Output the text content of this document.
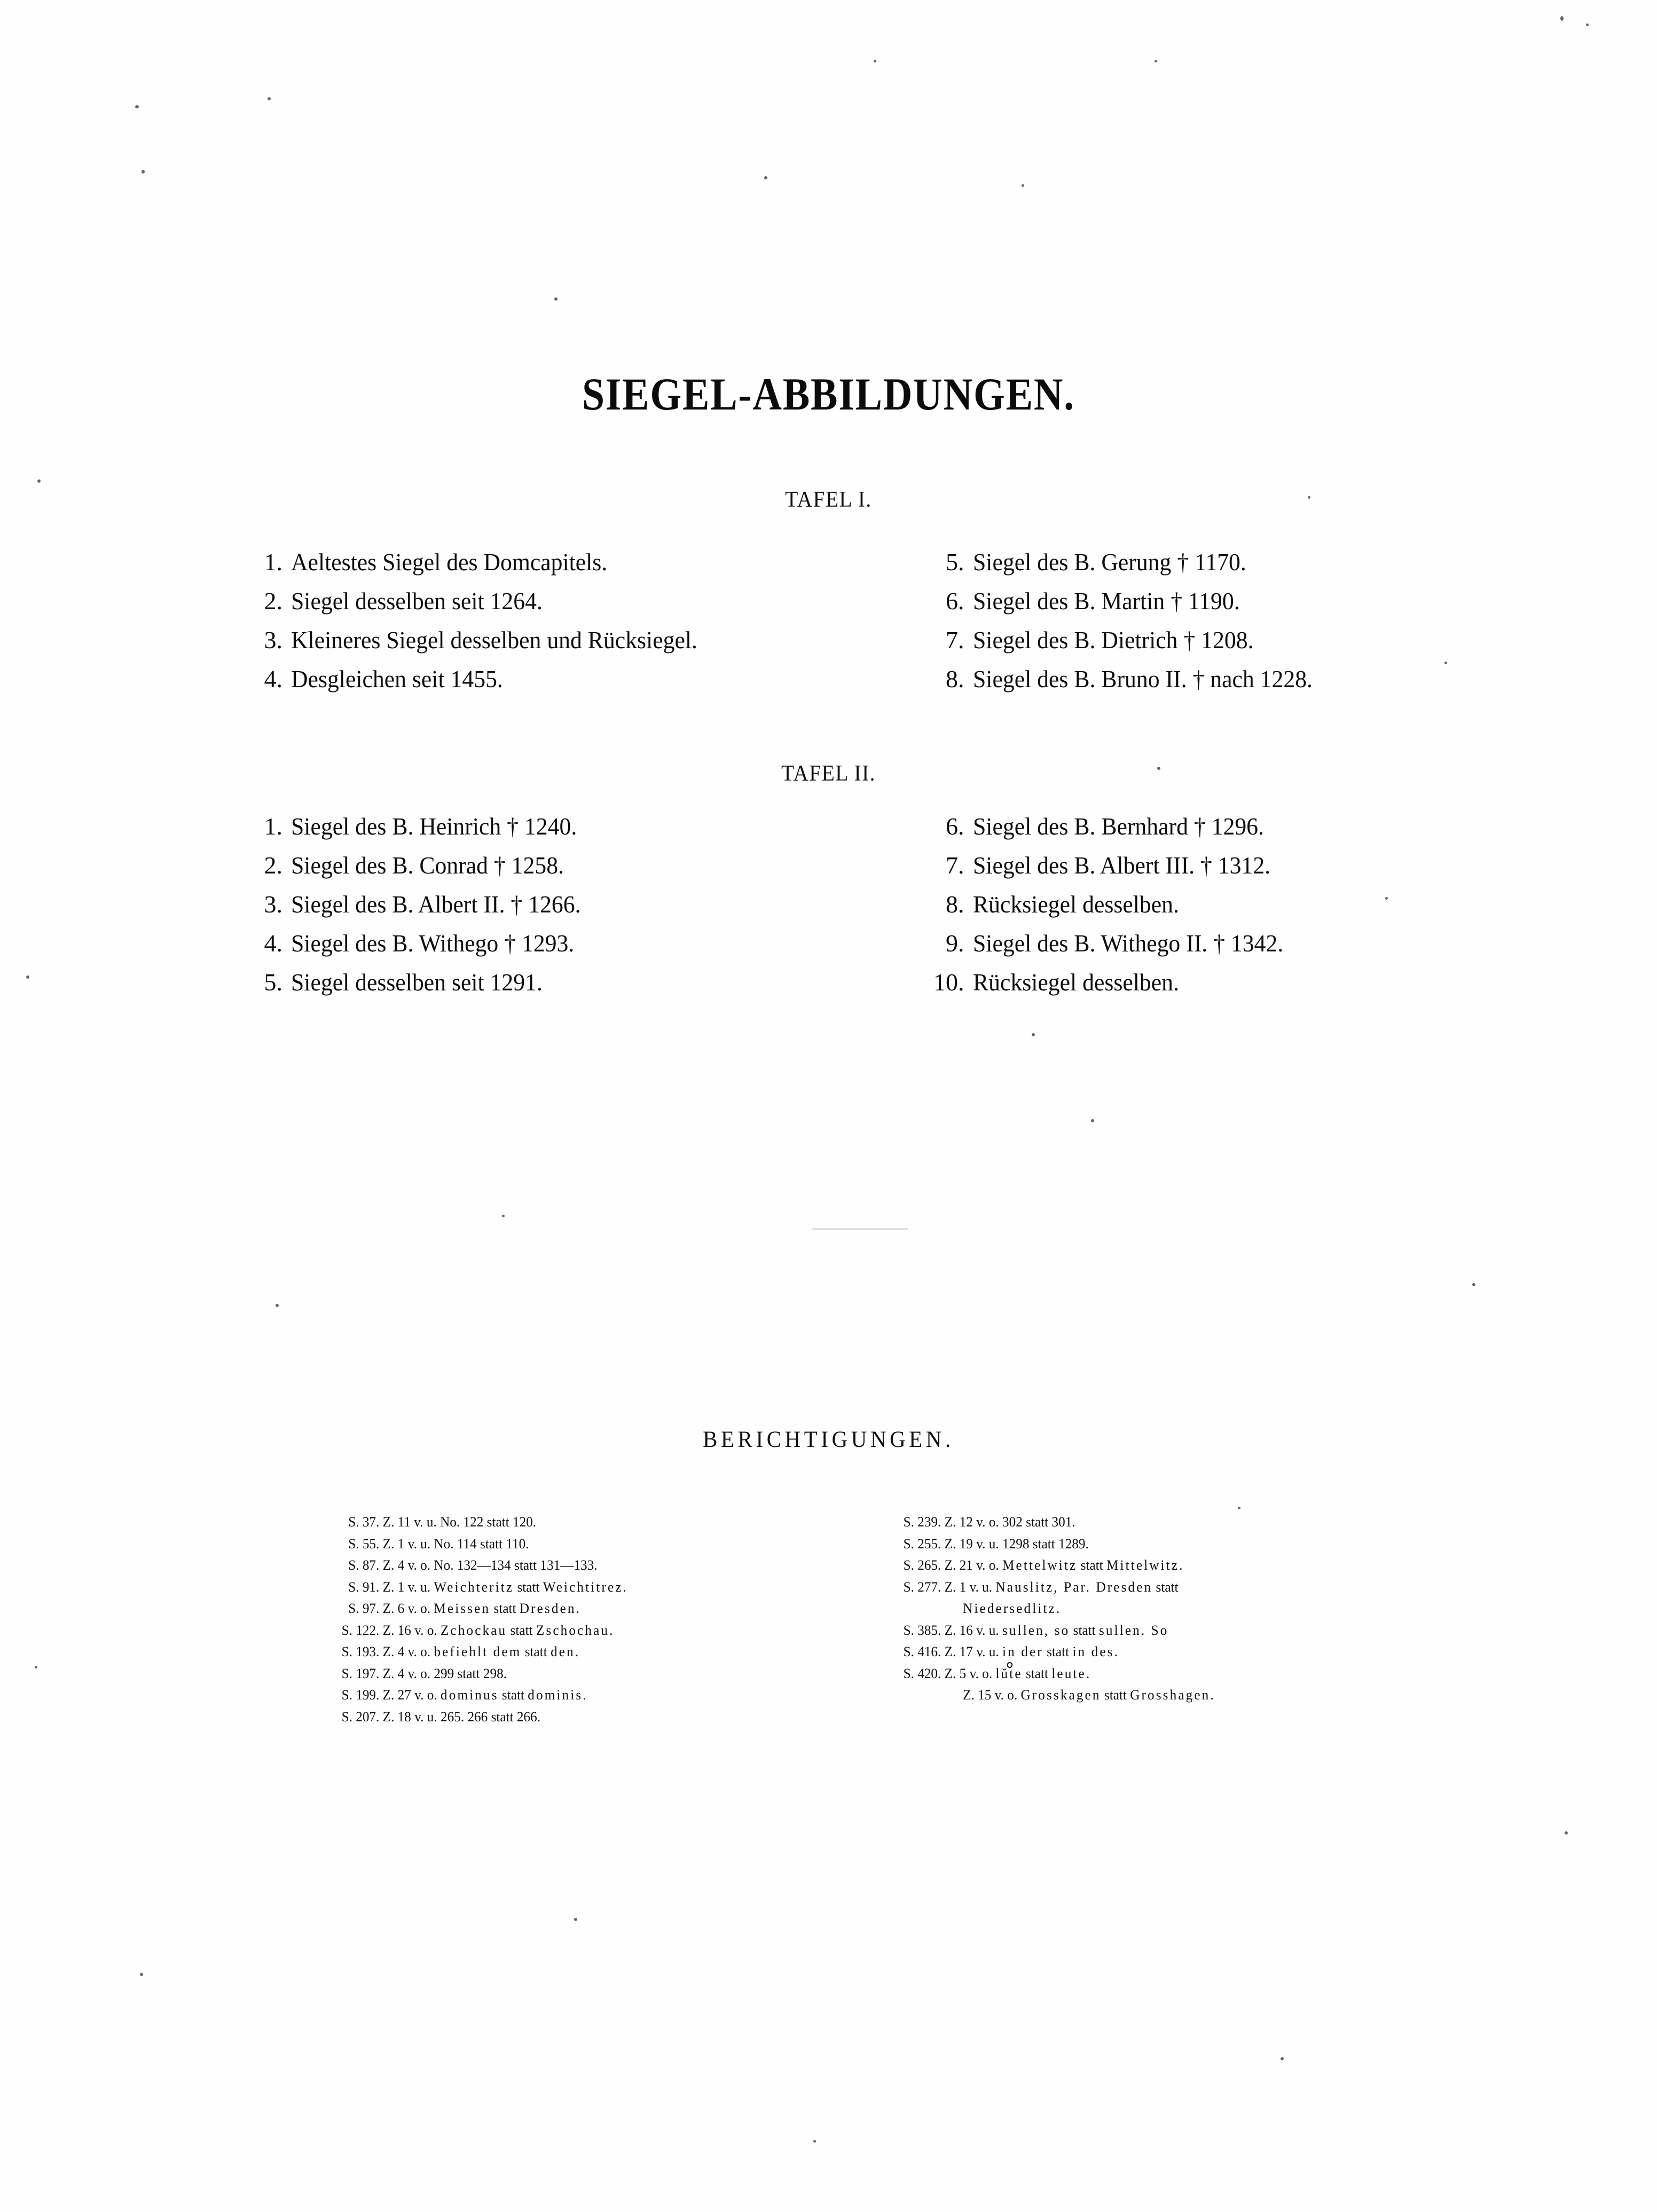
SIEGEL-ABBILDUNGEN.
TAFEL I.
1. Aeltestes Siegel des Domcapitels.
2. Siegel desselben seit 1264.
3. Kleineres Siegel desselben und Rücksiegel.
4. Desgleichen seit 1455.
5. Siegel des B. Gerung † 1170.
6. Siegel des B. Martin † 1190.
7. Siegel des B. Dietrich † 1208.
8. Siegel des B. Bruno II. † nach 1228.
TAFEL II.
1. Siegel des B. Heinrich † 1240.
2. Siegel des B. Conrad † 1258.
3. Siegel des B. Albert II. † 1266.
4. Siegel des B. Withego † 1293.
5. Siegel desselben seit 1291.
6. Siegel des B. Bernhard † 1296.
7. Siegel des B. Albert III. † 1312.
8. Rücksiegel desselben.
9. Siegel des B. Withego II. † 1342.
10. Rücksiegel desselben.
BERICHTIGUNGEN.
S. 37. Z. 11 v. u. No. 122 statt 120.
S. 55. Z. 1 v. u. No. 114 statt 110.
S. 87. Z. 4 v. o. No. 132—134 statt 131—133.
S. 91. Z. 1 v. u. Weichteritz statt Weichtitrez.
S. 97. Z. 6 v. o. Meissen statt Dresden.
S. 122. Z. 16 v. o. Zchockau statt Zschochau.
S. 193. Z. 4 v. o. befiehlt dem statt den.
S. 197. Z. 4 v. o. 299 statt 298.
S. 199. Z. 27 v. o. dominus statt dominis.
S. 207. Z. 18 v. u. 265. 266 statt 266.
S. 239. Z. 12 v. o. 302 statt 301.
S. 255. Z. 19 v. u. 1298 statt 1289.
S. 265. Z. 21 v. o. Mettelwitz statt Mittelwitz.
S. 277. Z. 1 v. u. Nauslitz, Par. Dresden statt
Niedersedlitz.
S. 385. Z. 16 v. u. sullen, so statt sullen. So
S. 416. Z. 17 v. u. in der statt in des.
S. 420. Z. 5 v. o. lŭte statt leute.
Z. 15 v. o. Grosskagen statt Grosshagen.
